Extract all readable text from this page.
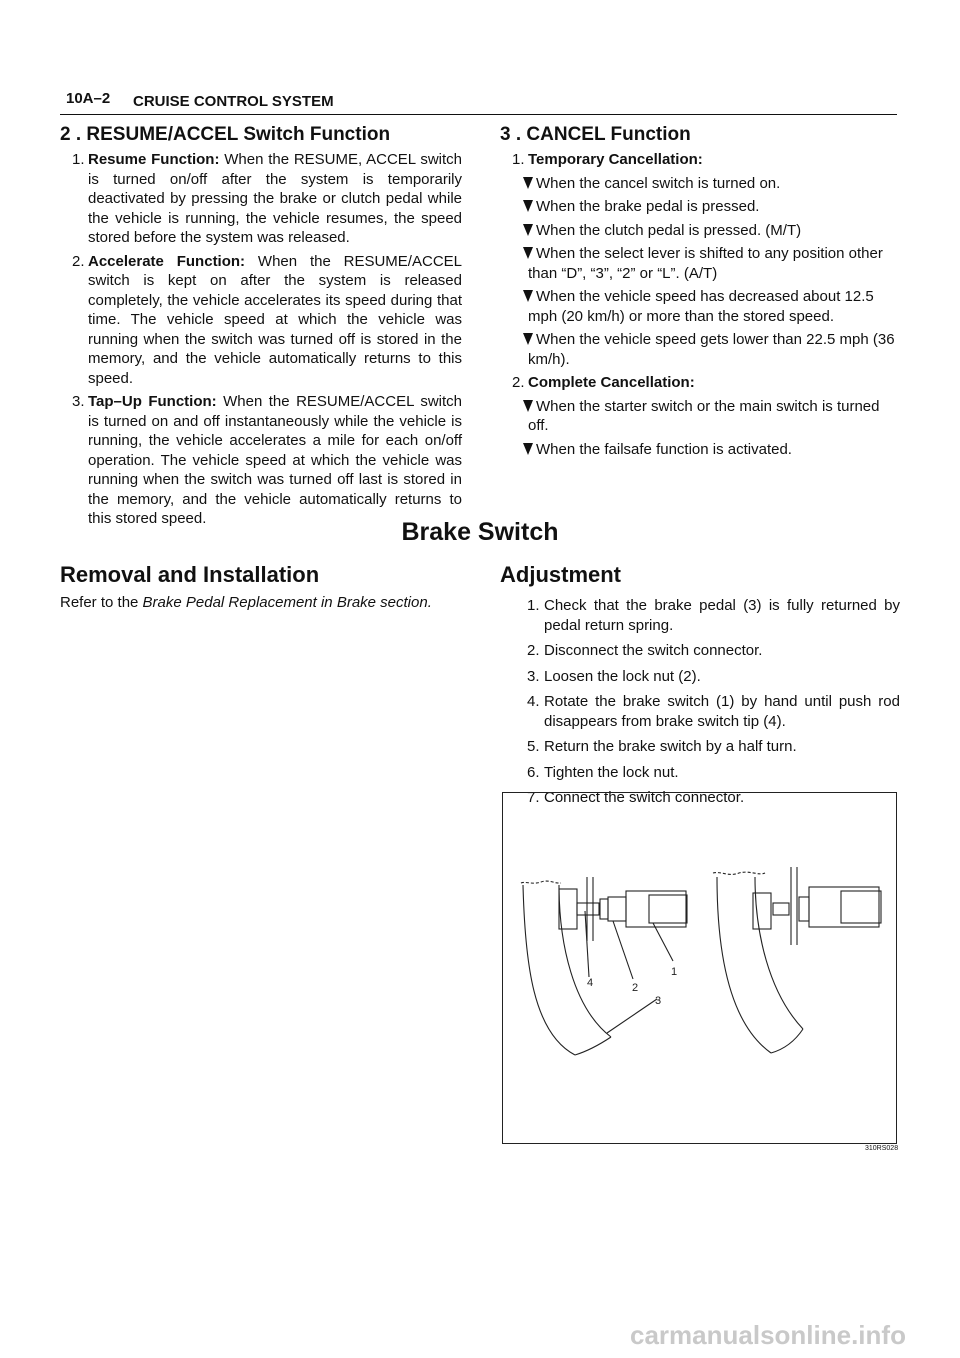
10A–2 CRUISE CONTROL SYSTEM
2 . RESUME/ACCEL Switch Function
1. Resume Function: When the RESUME, ACCEL switch is turned on/off after the system is temporarily deactivated by pressing the brake or clutch pedal while the vehicle is running, the vehicle resumes, the speed stored before the system was released.
2. Accelerate Function: When the RESUME/ACCEL switch is kept on after the system is released completely, the vehicle accelerates its speed during that time. The vehicle speed at which the vehicle was running when the switch was turned off is stored in the memory, and the vehicle automatically returns to this speed.
3. Tap–Up Function: When the RESUME/ACCEL switch is turned on and off instantaneously while the vehicle is running, the vehicle accelerates a mile for each on/off operation. The vehicle speed at which the vehicle was running when the switch was turned off last is stored in the memory, and the vehicle automatically returns to this stored speed.
3 . CANCEL Function
1. Temporary Cancellation:
When the cancel switch is turned on.
When the brake pedal is pressed.
When the clutch pedal is pressed. (M/T)
When the select lever is shifted to any position other than “D”, “3”, “2” or “L”. (A/T)
When the vehicle speed has decreased about 12.5 mph (20 km/h) or more than the stored speed.
When the vehicle speed gets lower than 22.5 mph (36 km/h).
2. Complete Cancellation:
When the starter switch or the main switch is turned off.
When the failsafe function is activated.
Brake Switch
Removal and Installation
Refer to the Brake Pedal Replacement in Brake section.
Adjustment
1. Check that the brake pedal (3) is fully returned by pedal return spring.
2. Disconnect the switch connector.
3. Loosen the lock nut (2).
4. Rotate the brake switch (1) by hand until push rod disappears from brake switch tip (4).
5. Return the brake switch by a half turn.
6. Tighten the lock nut.
7. Connect the switch connector.
1
2
3
4
310RS028
carmanualsonline.info
